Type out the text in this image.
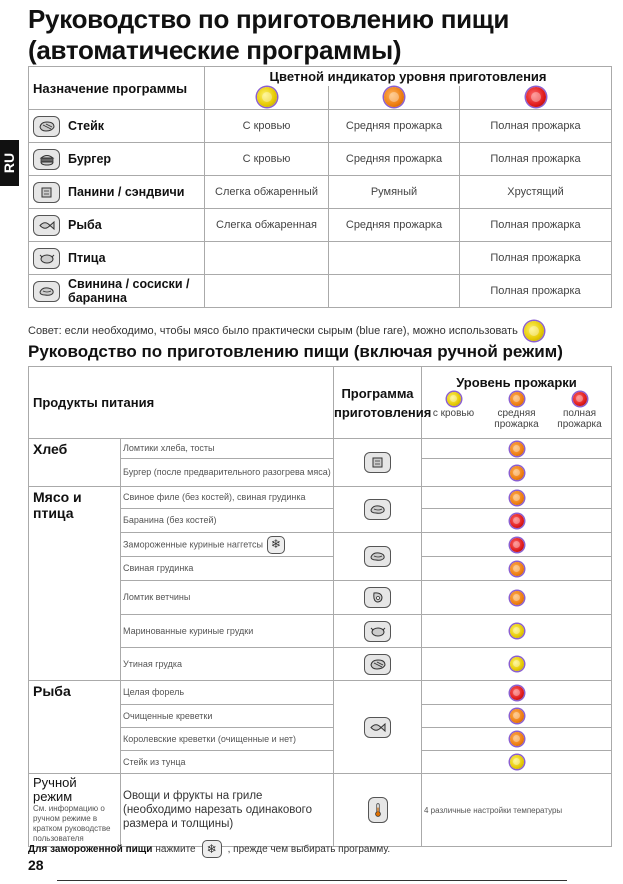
Руководство по приготовлению пищи (автоматические программы)
RU
Назначение программы	Цветной индикатор уровня приготовления		

Стейк	С кровью	Средняя прожарка	Полная прожарка

Бургер	С кровью	Средняя прожарка	Полная прожарка

Панини / сэндвичи	Слегка обжаренный	Румяный	Хрустящий

Рыба	Слегка обжаренная	Средняя прожарка	Полная прожарка

Птица			Полная прожарка

Свинина / сосиски / баранина			Полная прожарка
Совет: если необходимо, чтобы мясо было практически сырым (blue rare), можно использовать
Руководство по приготовлению пищи (включая ручной режим)
Продукты питания		Программа приготовления	Уровень прожарки
с кровью средняя прожарка
полная прожарка

Хлеб	Ломтики хлеба, тосты	

	Бургер (после предварительного разогрева мяса)		
Мясо и птица	Свиное филе (без костей), свиная грудинка	

	Баранина (без костей)		
	Замороженные куриные наггетсы ❄	

	Свиная грудинка		
	Ломтик ветчины	

	Маринованные куриные грудки	

	Утиная грудка	

Рыба	Целая форель	

	Очищенные креветки		
	Королевские креветки (очищенные и нет)		
	Стейк из тунца		

Ручной режим
См. информацию о ручном режиме в кратком руководстве пользователя	Овощи и фрукты на гриле (необходимо нарезать одинакового размера и толщины)		4 различные настройки температуры
Для замороженной пищи нажмите ❄	, прежде чем выбирать программу.
28
